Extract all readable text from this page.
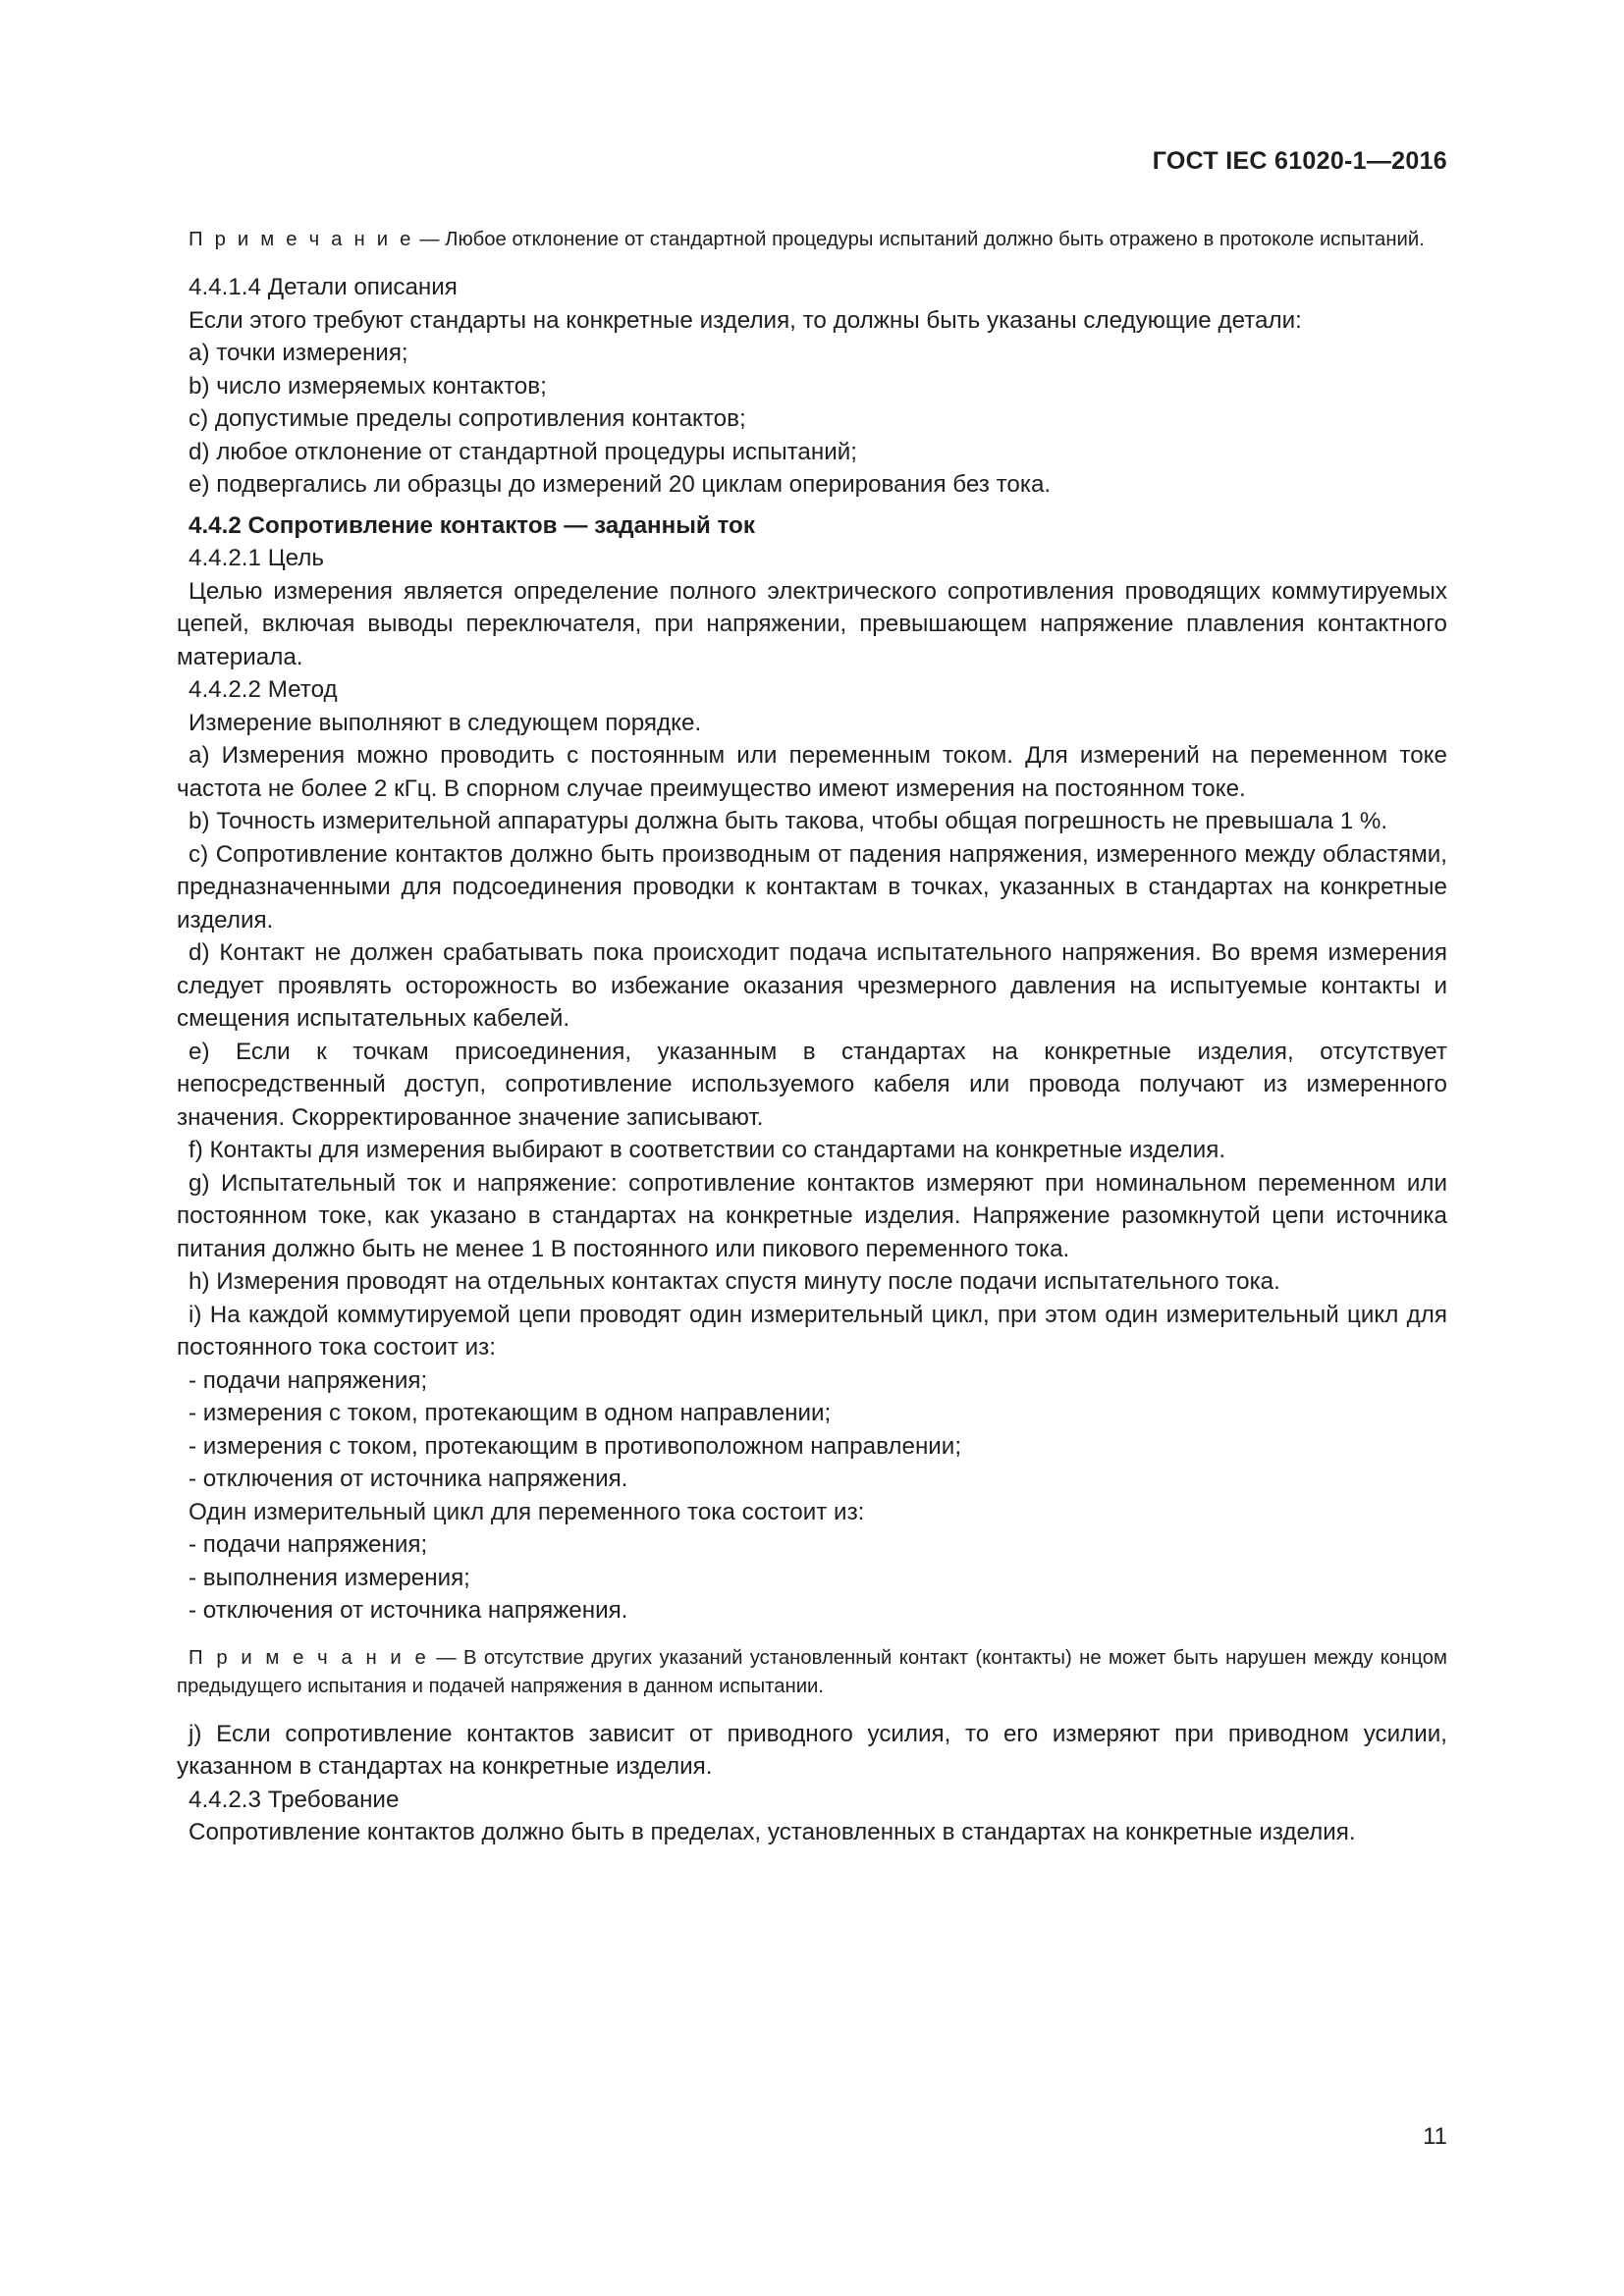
ГОСТ IEC 61020-1—2016

П р и м е ч а н и е — Любое отклонение от стандартной процедуры испытаний должно быть отражено в протоколе испытаний.

4.4.1.4 Детали описания

Если этого требуют стандарты на конкретные изделия, то должны быть указаны следующие детали:

a) точки измерения;

b) число измеряемых контактов;

c) допустимые пределы сопротивления контактов;

d) любое отклонение от стандартной процедуры испытаний;

e) подвергались ли образцы до измерений 20 циклам оперирования без тока.

4.4.2 Сопротивление контактов — заданный ток

4.4.2.1 Цель

Целью измерения является определение полного электрического сопротивления проводящих коммутируемых цепей, включая выводы переключателя, при напряжении, превышающем напряжение плавления контактного материала.

4.4.2.2 Метод

Измерение выполняют в следующем порядке.

a) Измерения можно проводить с постоянным или переменным током. Для измерений на переменном токе частота не более 2 кГц. В спорном случае преимущество имеют измерения на постоянном токе.

b) Точность измерительной аппаратуры должна быть такова, чтобы общая погрешность не превышала 1 %.

c) Сопротивление контактов должно быть производным от падения напряжения, измеренного между областями, предназначенными для подсоединения проводки к контактам в точках, указанных в стандартах на конкретные изделия.

d) Контакт не должен срабатывать пока происходит подача испытательного напряжения. Во время измерения следует проявлять осторожность во избежание оказания чрезмерного давления на испытуемые контакты и смещения испытательных кабелей.

e) Если к точкам присоединения, указанным в стандартах на конкретные изделия, отсутствует непосредственный доступ, сопротивление используемого кабеля или провода получают из измеренного значения. Скорректированное значение записывают.

f) Контакты для измерения выбирают в соответствии со стандартами на конкретные изделия.

g) Испытательный ток и напряжение: сопротивление контактов измеряют при номинальном переменном или постоянном токе, как указано в стандартах на конкретные изделия. Напряжение разомкнутой цепи источника питания должно быть не менее 1 В постоянного или пикового переменного тока.

h) Измерения проводят на отдельных контактах спустя минуту после подачи испытательного тока.

i) На каждой коммутируемой цепи проводят один измерительный цикл, при этом один измерительный цикл для постоянного тока состоит из:

- подачи напряжения;

- измерения с током, протекающим в одном направлении;

- измерения с током, протекающим в противоположном направлении;

- отключения от источника напряжения.

Один измерительный цикл для переменного тока состоит из:

- подачи напряжения;

- выполнения измерения;

- отключения от источника напряжения.

П р и м е ч а н и е — В отсутствие других указаний установленный контакт (контакты) не может быть нарушен между концом предыдущего испытания и подачей напряжения в данном испытании.

j) Если сопротивление контактов зависит от приводного усилия, то его измеряют при приводном усилии, указанном в стандартах на конкретные изделия.

4.4.2.3 Требование

Сопротивление контактов должно быть в пределах, установленных в стандартах на конкретные изделия.

11
